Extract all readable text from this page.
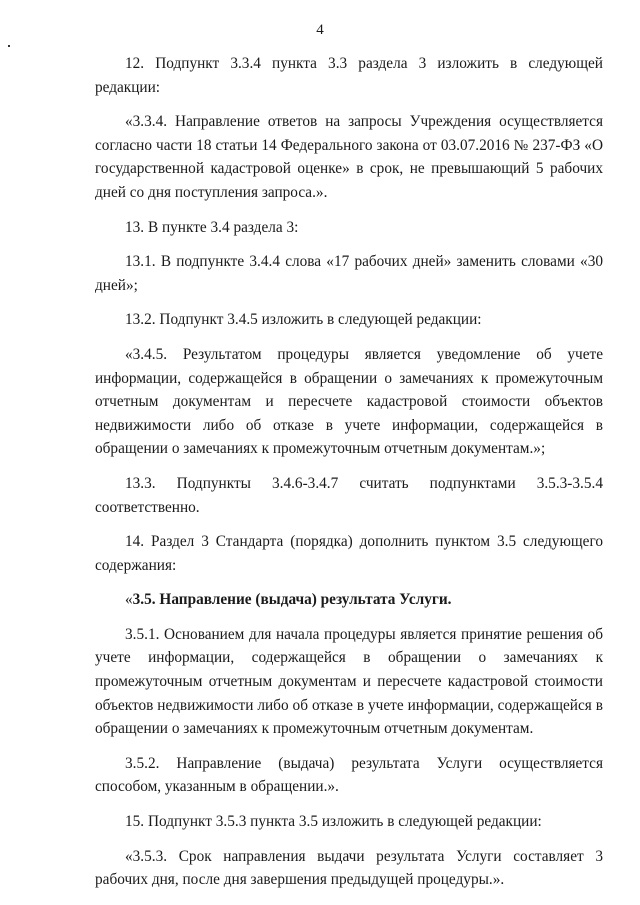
4

12. Подпункт 3.3.4 пункта 3.3 раздела 3 изложить в следующей редакции:

«3.3.4. Направление ответов на запросы Учреждения осуществляется согласно части 18 статьи 14 Федерального закона от 03.07.2016 № 237-ФЗ «О государственной кадастровой оценке» в срок, не превышающий 5 рабочих дней со дня поступления запроса.».

13. В пункте 3.4 раздела 3:

13.1. В подпункте 3.4.4 слова «17 рабочих дней» заменить словами «30 дней»;

13.2. Подпункт 3.4.5 изложить в следующей редакции:

«3.4.5. Результатом процедуры является уведомление об учете информации, содержащейся в обращении о замечаниях к промежуточным отчетным документам и пересчете кадастровой стоимости объектов недвижимости либо об отказе в учете информации, содержащейся в обращении о замечаниях к промежуточным отчетным документам.»;

13.3. Подпункты 3.4.6-3.4.7 считать подпунктами 3.5.3-3.5.4 соответственно.

14. Раздел 3 Стандарта (порядка) дополнить пунктом 3.5 следующего содержания:

«3.5. Направление (выдача) результата Услуги.

3.5.1. Основанием для начала процедуры является принятие решения об учете информации, содержащейся в обращении о замечаниях к промежуточным отчетным документам и пересчете кадастровой стоимости объектов недвижимости либо об отказе в учете информации, содержащейся в обращении о замечаниях к промежуточным отчетным документам.

3.5.2. Направление (выдача) результата Услуги осуществляется способом, указанным в обращении.».

15. Подпункт 3.5.3 пункта 3.5 изложить в следующей редакции:

«3.5.3. Срок направления выдачи результата Услуги составляет 3 рабочих дня, после дня завершения предыдущей процедуры.».
